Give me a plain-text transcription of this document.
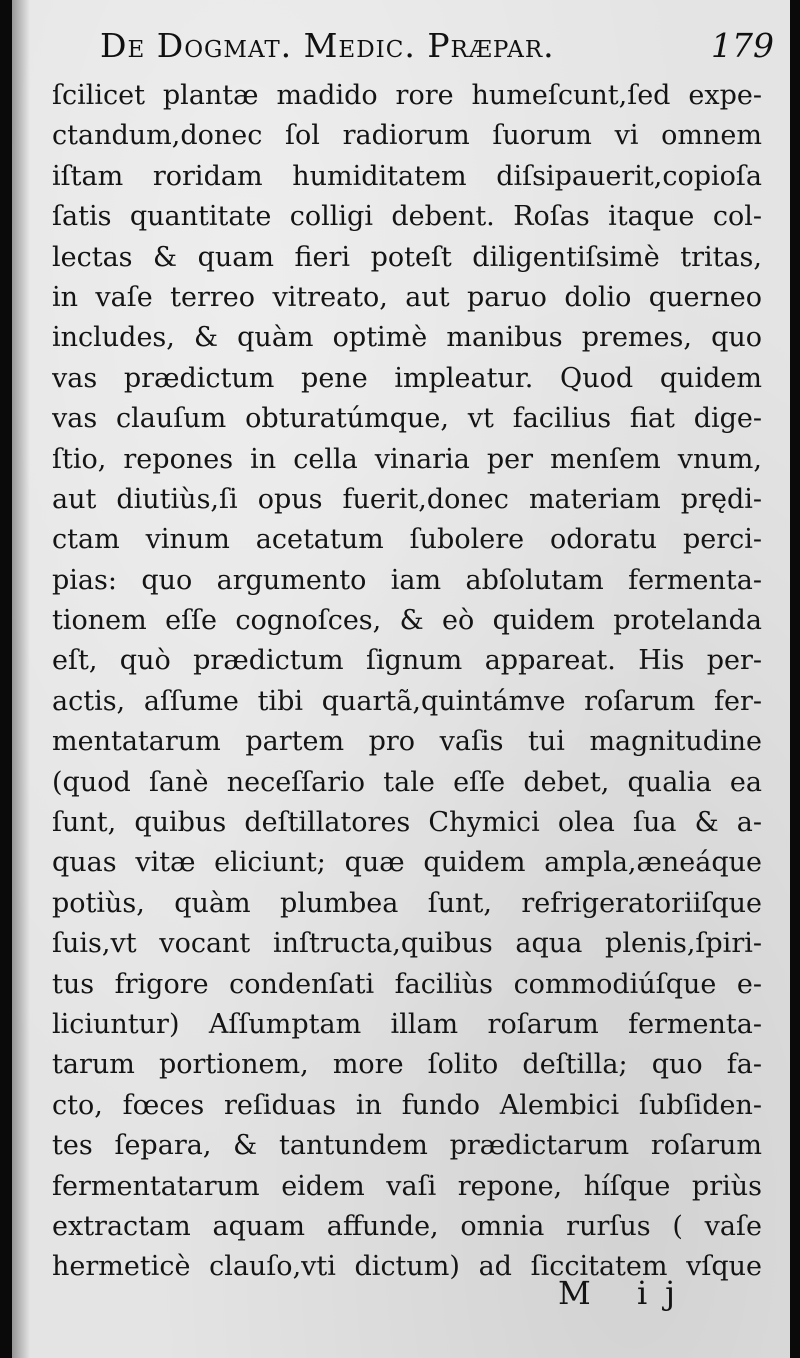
De Dogmat. Medic. Præpar.	179
ſcilicet plantæ madido rore humeſcunt,ſed expe-
ctandum,donec ſol radiorum ſuorum vi omnem
iſtam roridam humiditatem diſsipauerit,copioſa
ſatis quantitate colligi debent. Roſas itaque col-
lectas & quam fieri poteſt diligentiſsimè tritas,
in vaſe terreo vitreato, aut paruo dolio querneo
includes, & quàm optimè manibus premes, quo
vas prædictum pene impleatur. Quod quidem
vas clauſum obturatúmque, vt facilius fiat dige-
ſtio, repones in cella vinaria per menſem vnum,
aut diutiùs,ſi opus fuerit,donec materiam prędi-
ctam vinum acetatum ſubolere odoratu perci-
pias: quo argumento iam abſolutam fermenta-
tionem eſſe cognoſces, & eò quidem protelanda
eſt, quò prædictum ſignum appareat. His per-
actis, aſſume tibi quartã,quintámve roſarum fer-
mentatarum partem pro vaſis tui magnitudine
(quod ſanè neceſſario tale eſſe debet, qualia ea
ſunt, quibus deſtillatores Chymici olea ſua & a-
quas vitæ eliciunt; quæ quidem ampla,æneáque
potiùs, quàm plumbea ſunt, refrigeratoriiſque
ſuis,vt vocant inſtructa,quibus aqua plenis,ſpiri-
tus frigore condenſati faciliùs commodiúſque e-
liciuntur) Aſſumptam illam roſarum fermenta-
tarum portionem, more ſolito deſtilla; quo fa-
cto, fœces reſiduas in fundo Alembici ſubſiden-
tes ſepara, & tantundem prædictarum roſarum
fermentatarum eidem vaſi repone, híſque priùs
extractam aquam affunde, omnia rurſus ( vaſe
hermeticè clauſo,vti dictum) ad ſiccitatem vſque
M ij
